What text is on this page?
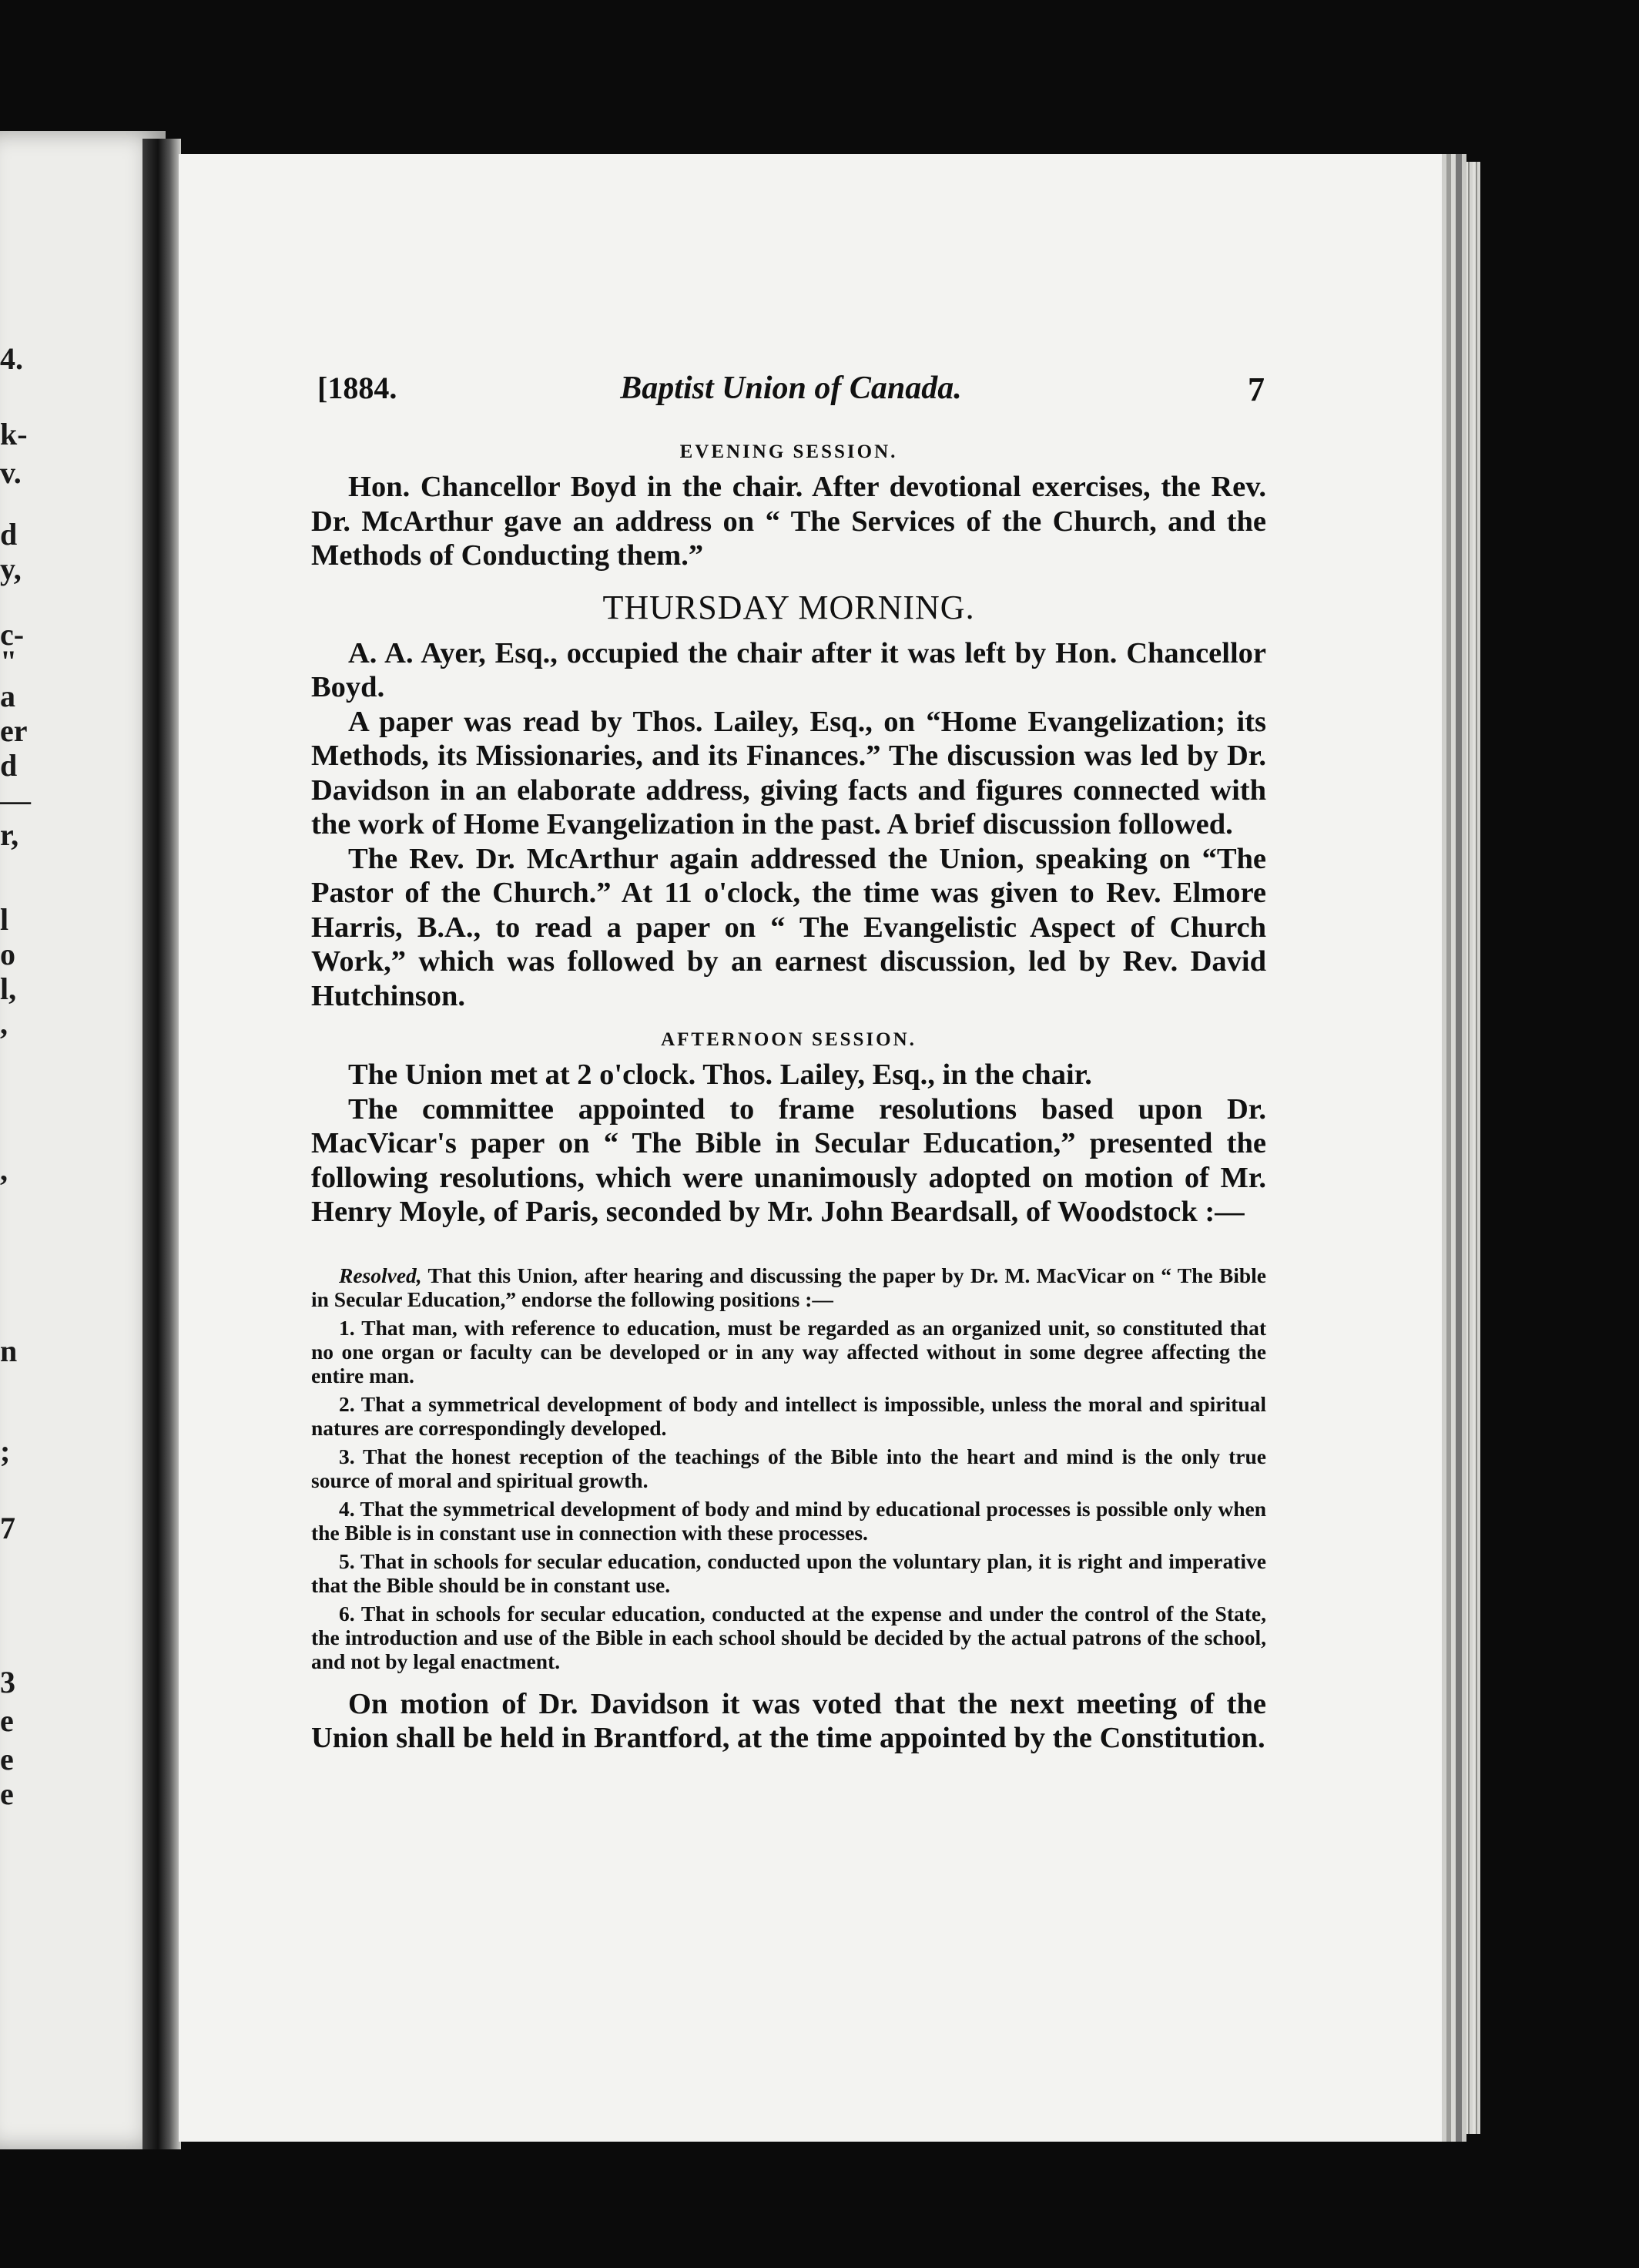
4.
k-
v.
d
y,
c-
"
a
er
d
—
r,
l
o
l,
,
,
n
;
7
3
e
e
e
[1884.	Baptist Union of Canada.	7
EVENING SESSION.

Hon. Chancellor Boyd in the chair. After devotional exercises, the Rev. Dr. McArthur gave an address on “ The Services of the Church, and the Methods of Conducting them.”

THURSDAY MORNING.

A. A. Ayer, Esq., occupied the chair after it was left by Hon. Chancellor Boyd.

A paper was read by Thos. Lailey, Esq., on “Home Evangelization; its Methods, its Missionaries, and its Finances.” The discussion was led by Dr. Davidson in an elaborate address, giving facts and figures connected with the work of Home Evangelization in the past. A brief discussion followed.

The Rev. Dr. McArthur again addressed the Union, speaking on “The Pastor of the Church.” At 11 o'clock, the time was given to Rev. Elmore Harris, B.A., to read a paper on “ The Evangelistic Aspect of Church Work,” which was followed by an earnest discussion, led by Rev. David Hutchinson.

AFTERNOON SESSION.

The Union met at 2 o'clock. Thos. Lailey, Esq., in the chair.

The committee appointed to frame resolutions based upon Dr. MacVicar's paper on “ The Bible in Secular Education,” presented the following resolutions, which were unanimously adopted on motion of Mr. Henry Moyle, of Paris, seconded by Mr. John Beardsall, of Woodstock :—

Resolved, That this Union, after hearing and discussing the paper by Dr. M. MacVicar on “ The Bible in Secular Education,” endorse the following positions :—

1. That man, with reference to education, must be regarded as an organized unit, so constituted that no one organ or faculty can be developed or in any way affected without in some degree affecting the entire man.

2. That a symmetrical development of body and intellect is impossible, unless the moral and spiritual natures are correspondingly developed.

3. That the honest reception of the teachings of the Bible into the heart and mind is the only true source of moral and spiritual growth.

4. That the symmetrical development of body and mind by educational processes is possible only when the Bible is in constant use in connection with these processes.

5. That in schools for secular education, conducted upon the voluntary plan, it is right and imperative that the Bible should be in constant use.

6. That in schools for secular education, conducted at the expense and under the control of the State, the introduction and use of the Bible in each school should be decided by the actual patrons of the school, and not by legal enactment.

On motion of Dr. Davidson it was voted that the next meeting of the Union shall be held in Brantford, at the time appointed by the Constitution.
